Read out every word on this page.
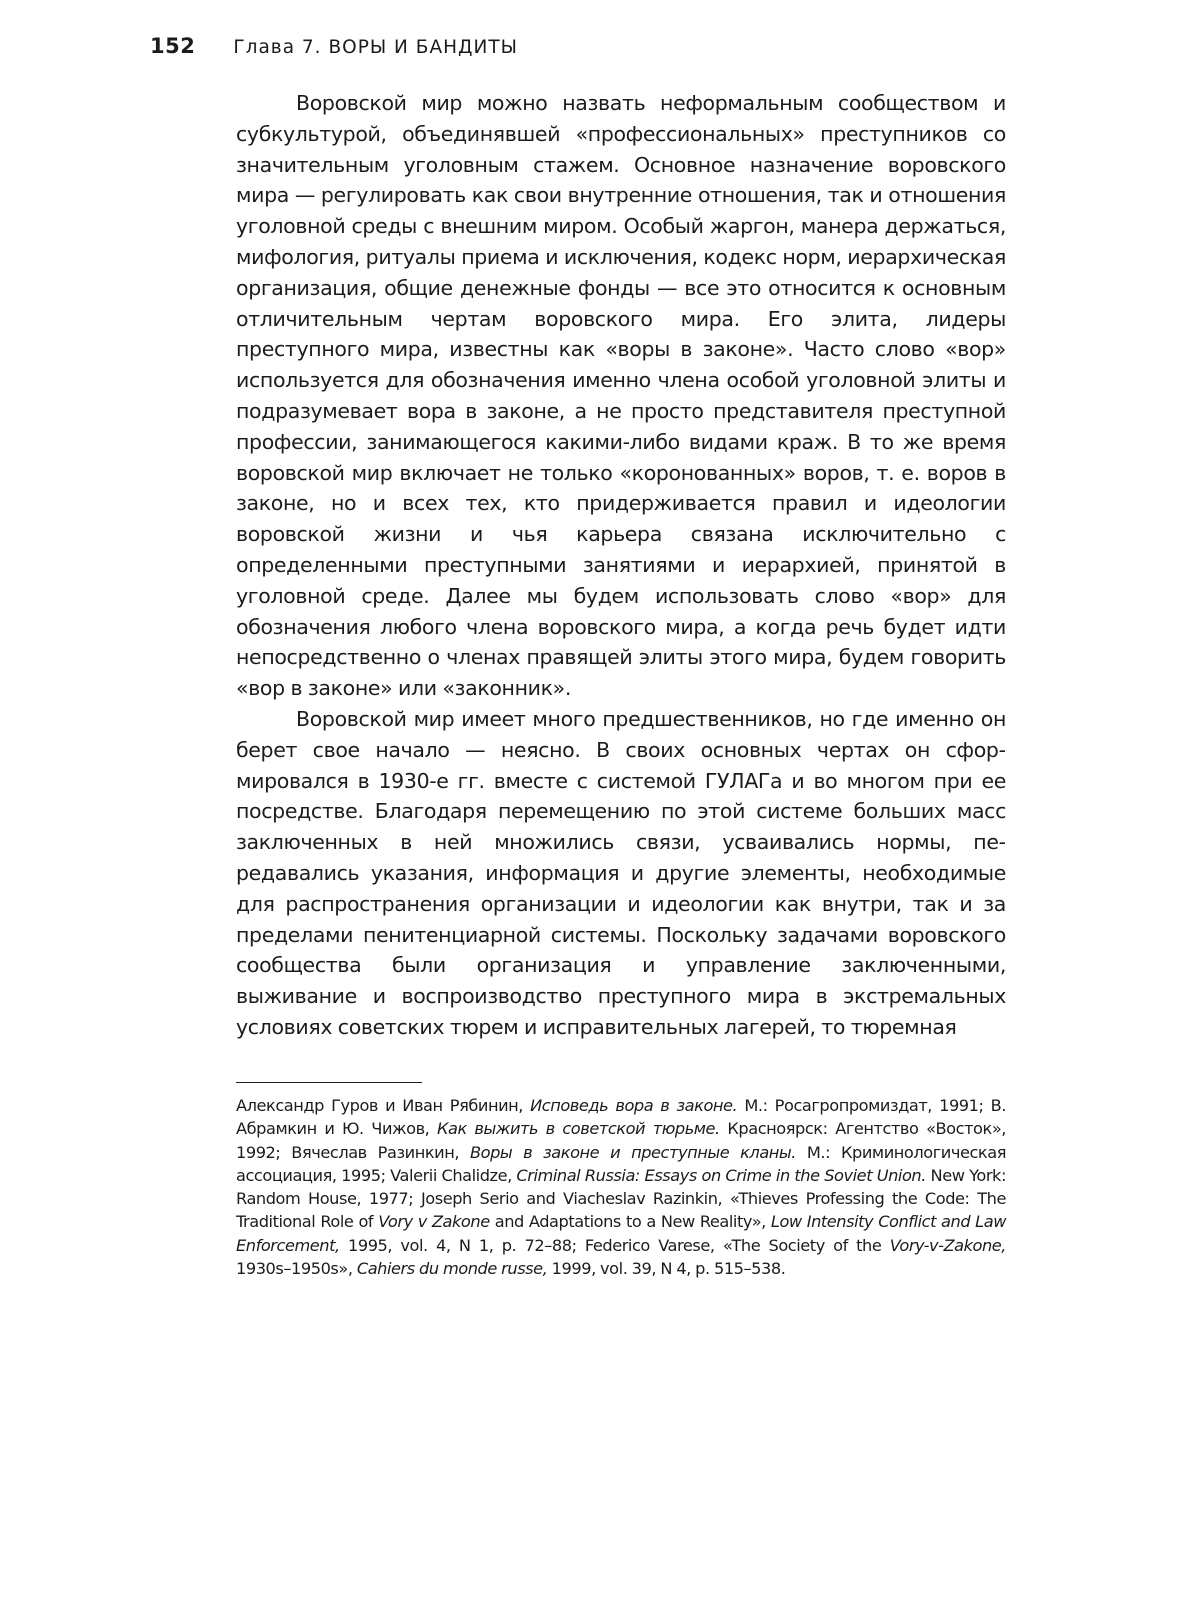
152 Глава 7. ВОРЫ И БАНДИТЫ

Воровской мир можно назвать неформальным сообществом и субкультурой, объединявшей «профессиональных» преступников со значительным уголовным стажем. Основное назначение воровского мира — регулировать как свои внутренние отношения, так и отношения уголовной среды с внешним миром. Особый жаргон, манера держаться, мифология, ритуалы приема и исключения, кодекс норм, иерархическая организация, общие денежные фонды — все это относится к основным отличительным чертам воровского мира. Его элита, лидеры преступного мира, известны как «воры в законе». Часто слово «вор» используется для обозначения именно члена особой уголовной элиты и подразумевает вора в законе, а не просто представителя преступной профессии, занимающегося какими-либо видами краж. В то же время воровской мир включает не только «коронованных» воров, т. е. воров в законе, но и всех тех, кто придерживается правил и идеологии воровской жизни и чья карьера связана исключительно с определенными преступными занятиями и иерархией, принятой в уголовной среде. Далее мы будем использовать слово «вор» для обозначения любого члена воровского мира, а когда речь будет идти непосредственно о членах правящей элиты этого мира, будем говорить «вор в законе» или «законник».

Воровской мир имеет много предшественников, но где именно он берет свое начало — неясно. В своих основных чертах он сформировался в 1930-е гг. вместе с системой ГУЛАГа и во многом при ее посредстве. Благодаря перемещению по этой системе больших масс заключенных в ней множились связи, усваивались нормы, передавались указания, информация и другие элементы, необходимые для распространения организации и идеологии как внутри, так и за пределами пенитенциарной системы. Поскольку задачами воровского сообщества были организация и управление заключенными, выживание и воспроизводство преступного мира в экстремальных условиях советских тюрем и исправительных лагерей, то тюремная

Александр Гуров и Иван Рябинин, Исповедь вора в законе. М.: Росагропромиздат, 1991; В. Абрамкин и Ю. Чижов, Как выжить в советской тюрьме. Красноярск: Агентство «Восток», 1992; Вячеслав Разинкин, Воры в законе и преступные кланы. М.: Криминологическая ассоциация, 1995; Valerii Chalidze, Criminal Russia: Essays on Crime in the Soviet Union. New York: Random House, 1977; Joseph Serio and Viacheslav Razinkin, «Thieves Professing the Code: The Traditional Role of Vory v Zakone and Adaptations to a New Reality», Low Intensity Conflict and Law Enforcement, 1995, vol. 4, N 1, p. 72–88; Federico Varese, «The Society of the Vory-v-Zakone, 1930s–1950s», Cahiers du monde russe, 1999, vol. 39, N 4, p. 515–538.
